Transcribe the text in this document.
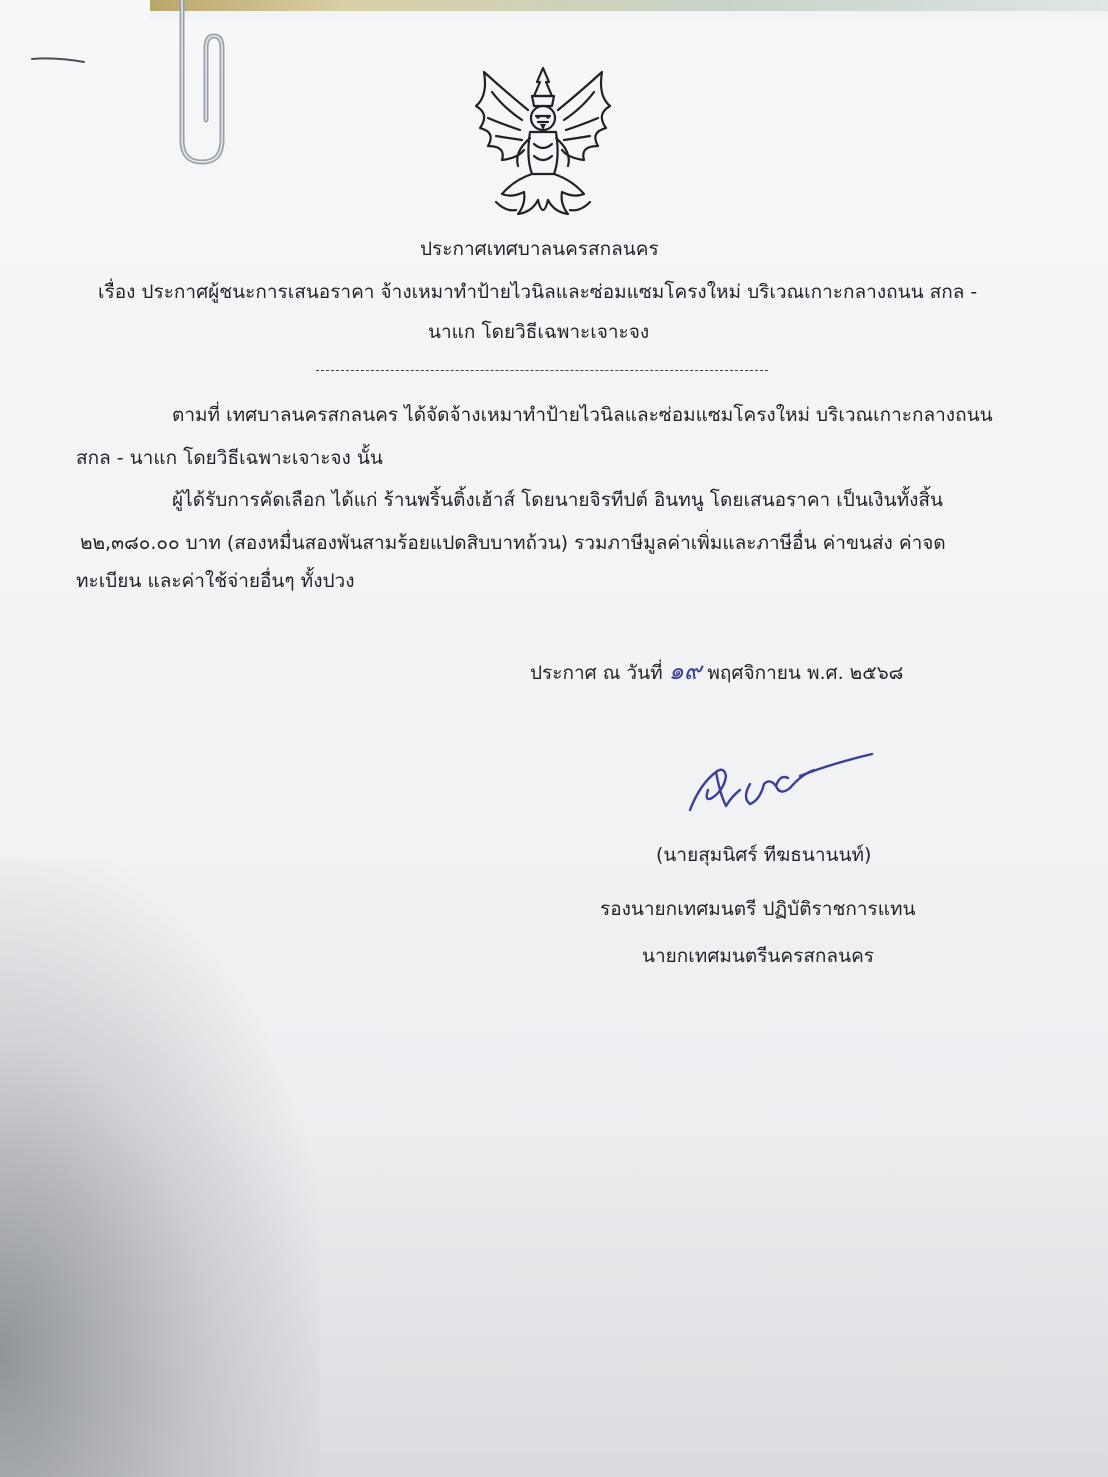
ประกาศเทศบาลนครสกลนคร
เรื่อง ประกาศผู้ชนะการเสนอราคา จ้างเหมาทำป้ายไวนิลและซ่อมแซมโครงใหม่ บริเวณเกาะกลางถนน สกล -
นาแก โดยวิธีเฉพาะเจาะจง
ตามที่ เทศบาลนครสกลนคร ได้จัดจ้างเหมาทำป้ายไวนิลและซ่อมแซมโครงใหม่ บริเวณเกาะกลางถนน
สกล - นาแก โดยวิธีเฉพาะเจาะจง นั้น
ผู้ได้รับการคัดเลือก ได้แก่ ร้านพริ้นติ้งเฮ้าส์ โดยนายจิรทีปต์ อินทนู โดยเสนอราคา เป็นเงินทั้งสิ้น
๒๒,๓๘๐.๐๐ บาท (สองหมื่นสองพันสามร้อยแปดสิบบาทถ้วน) รวมภาษีมูลค่าเพิ่มและภาษีอื่น ค่าขนส่ง ค่าจด
ทะเบียน และค่าใช้จ่ายอื่นๆ ทั้งปวง
ประกาศ ณ วันที่ ๑๙ พฤศจิกายน พ.ศ. ๒๕๖๘
(นายสุมนิศร์ ทีฆธนานนท์)
รองนายกเทศมนตรี ปฏิบัติราชการแทน
นายกเทศมนตรีนครสกลนคร
